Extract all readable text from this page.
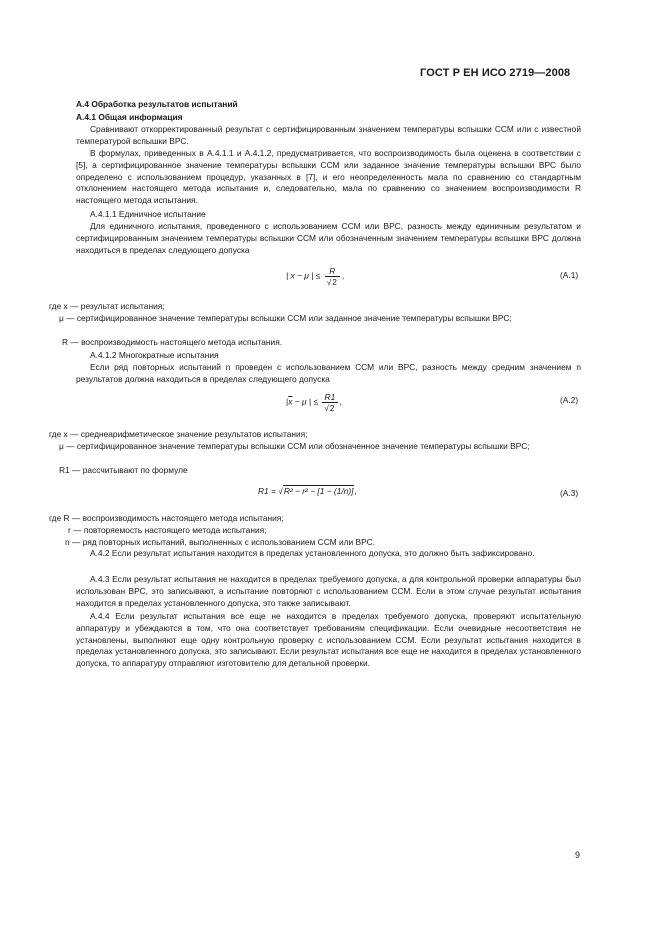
ГОСТ Р ЕН ИСО 2719—2008
А.4 Обработка результатов испытаний
А.4.1 Общая информация
Сравнивают откорректированный результат с сертифицированным значением температуры вспышки ССМ или с известной температурой вспышки ВРС.
В формулах, приведенных в А.4.1.1 и А.4.1.2, предусматривается, что воспроизводимость была оценена в соответствии с [5], а сертифицированное значение температуры вспышки ССМ или заданное значение температуры вспышки ВРС было определено с использованием процедур, указанных в [7], и его неопределенность мала по сравнению со стандартным отклонением настоящего метода испытания и, следовательно, мала по сравнению со значением воспроизводимости R настоящего метода испытания.
А.4.1.1 Единичное испытание
Для единичного испытания, проведенного с использованием ССМ или ВРС, разность между единичным результатом и сертифицированным значением температуры вспышки ССМ или обозначенным значением температуры вспышки ВРС должна находиться в пределах следующего допуска
| x − μ | ≤ $\frac{R}{√2}$ ,	(А.1)
где x — результат испытания;
μ — сертифицированное значение температуры вспышки ССМ или заданное значение температуры вспышки ВРС;
R — воспроизводимость настоящего метода испытания.
А.4.1.2 Многократные испытания
Если ряд повторных испытаний n проведен с использованием ССМ или ВРС, разность между средним значением n результатов должна находиться в пределах следующего допуска
$|\overline{x} - \mu$ | ≤ $\frac{R1}{√2}$ ,	(А.2)
где x — среднеарифметическое значение результатов испытания;
μ — сертифицированное значение температуры вспышки ССМ или обозначенное значение температуры вспышки ВРС;
R1 — рассчитывают по формуле
R1 = √R² − r² − [1 − (1/n)],	(А.3)
где R — воспроизводимость настоящего метода испытания;
r — повторяемость настоящего метода испытания;
n — ряд повторных испытаний, выполненных с использованием ССМ или ВРС.
А.4.2 Если результат испытания находится в пределах установленного допуска, это должно быть зафиксировано.
А.4.3 Если результат испытания не находится в пределах требуемого допуска, а для контрольной проверки аппаратуры был использован ВРС, это записывают, а испытание повторяют с использованием ССМ. Если в этом случае результат испытания находится в пределах установленного допуска, это также записывают.
А.4.4 Если результат испытания все еще не находится в пределах требуемого допуска, проверяют испытательную аппаратуру и убеждаются в том, что она соответствует требованиям спецификации. Если очевидные несоответствия не установлены, выполняют еще одну контрольную проверку с использованием ССМ. Если результат испытания находится в пределах установленного допуска, это записывают. Если результат испытания все еще не находится в пределах установленного допуска, то аппаратуру отправляют изготовителю для детальной проверки.
9
